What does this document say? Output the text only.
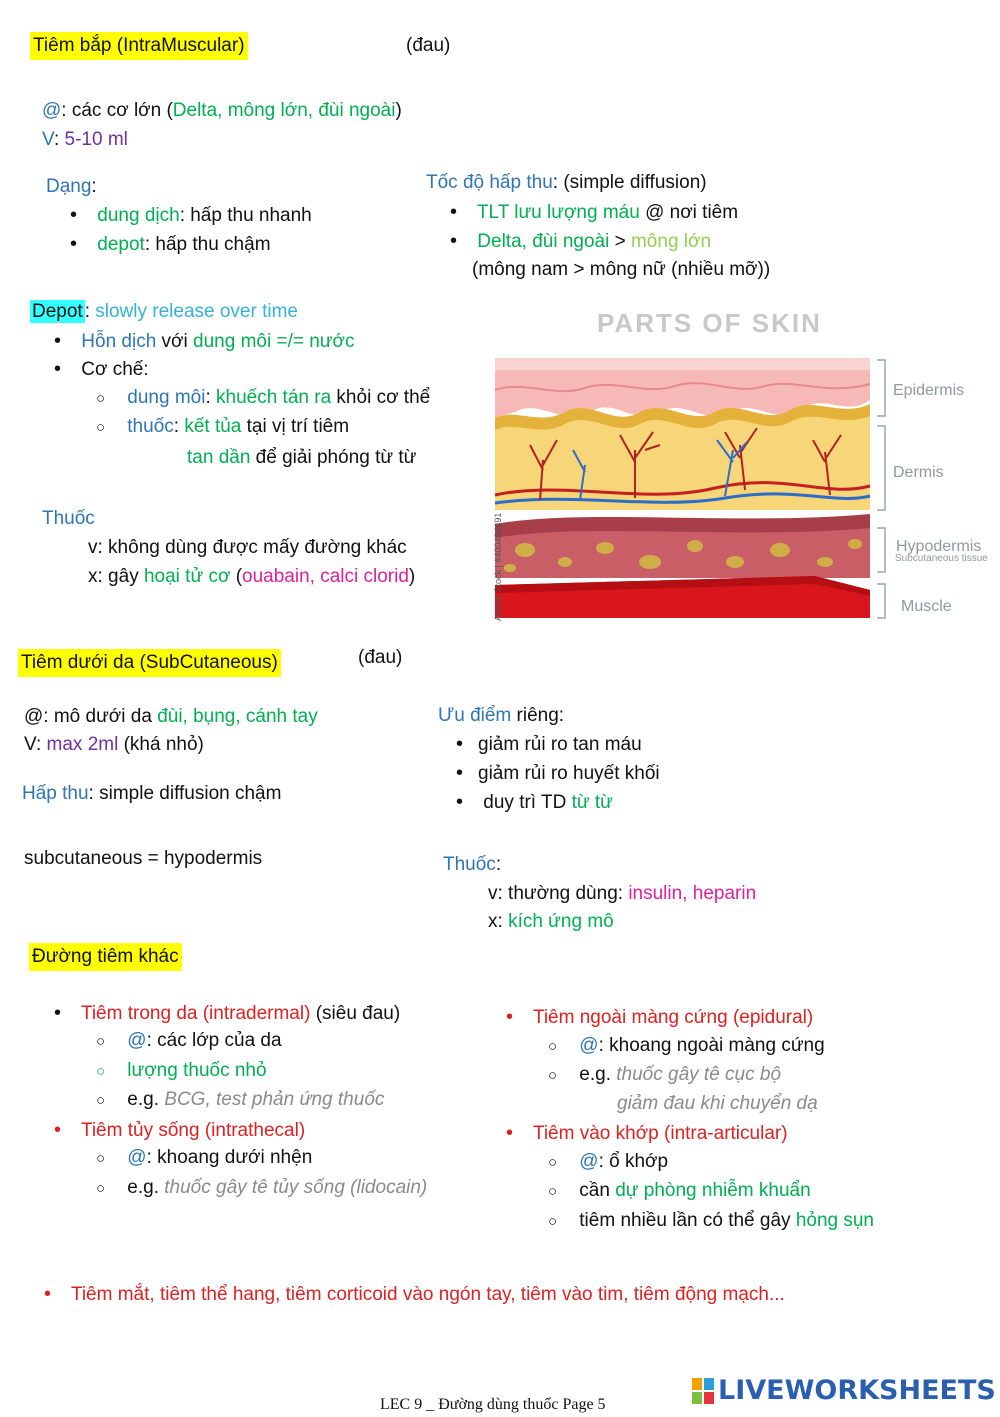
Tiêm bắp (IntraMuscular)	(đau)
@: các cơ lớn (Delta, mông lớn, đùi ngoài)
V: 5-10 ml
Dạng:
• dung dịch: hấp thu nhanh
• depot: hấp thu chậm
Tốc độ hấp thu: (simple diffusion)
• TLT lưu lượng máu @ nơi tiêm
• Delta, đùi ngoài > mông lớn
(mông nam > mông nữ (nhiều mỡ))
Depot : slowly release over time
• Hỗn dịch với dung môi =/= nước
• Cơ chế:
○ dung môi: khuếch tán ra khỏi cơ thể
○ thuốc: kết tủa tại vị trí tiêm
tan dần để giải phóng từ từ
Thuốc
v: không dùng được mấy đường khác
x: gây hoại tử cơ (ouabain, calci clorid)
PARTS OF SKIN
Epidermis
Dermis
Hypodermis
Subcutaneous tissue
Muscle
Adobe Stock | #400424491
Tiêm dưới da (SubCutaneous)	(đau)
@: mô dưới da đùi, bụng, cánh tay
V: max 2ml (khá nhỏ)
Hấp thu: simple diffusion chậm
subcutaneous = hypodermis
Ưu điểm riêng:
• giảm rủi ro tan máu
• giảm rủi ro huyết khối
• duy trì TD từ từ
Thuốc:
v: thường dùng: insulin, heparin
x: kích ứng mô
Đường tiêm khác
• Tiêm trong da (intradermal) (siêu đau)
○ @: các lớp của da
○ lượng thuốc nhỏ
○ e.g. BCG, test phản ứng thuốc
• Tiêm tủy sống (intrathecal)
○ @: khoang dưới nhện
○ e.g. thuốc gây tê tủy sống (lidocain)
• Tiêm ngoài màng cứng (epidural)
○ @: khoang ngoài màng cứng
○ e.g. thuốc gây tê cục bộ
giảm đau khi chuyển dạ
• Tiêm vào khớp (intra-articular)
○ @: ổ khớp
○ cần dự phòng nhiễm khuẩn
○ tiêm nhiều lần có thể gây hỏng sụn
• Tiêm mắt, tiêm thể hang, tiêm corticoid vào ngón tay, tiêm vào tim, tiêm động mạch...
LEC 9 _ Đường dùng thuốc Page 5	LIVEWORKSHEETS
